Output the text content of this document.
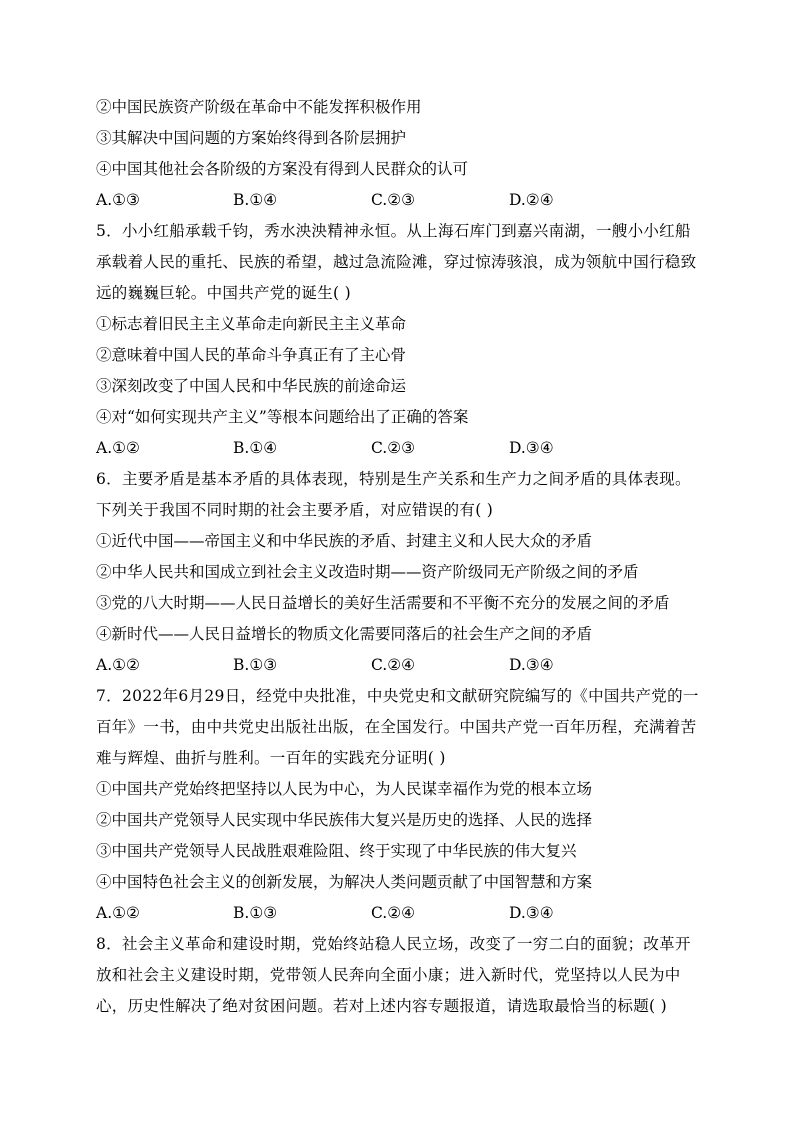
②中国民族资产阶级在革命中不能发挥积极作用
③其解决中国问题的方案始终得到各阶层拥护
④中国其他社会各阶级的方案没有得到人民群众的认可
A.①③	B.①④	C.②③	D.②④
5．小小红船承载千钧，秀水泱泱精神永恒。从上海石库门到嘉兴南湖，一艘小小红船承载着人民的重托、民族的希望，越过急流险滩，穿过惊涛骇浪，成为领航中国行稳致远的巍巍巨轮。中国共产党的诞生( )
①标志着旧民主主义革命走向新民主主义革命
②意味着中国人民的革命斗争真正有了主心骨
③深刻改变了中国人民和中华民族的前途命运
④对“如何实现共产主义”等根本问题给出了正确的答案
A.①②	B.①④	C.②③	D.③④
6．主要矛盾是基本矛盾的具体表现，特别是生产关系和生产力之间矛盾的具体表现。下列关于我国不同时期的社会主要矛盾，对应错误的有( )
①近代中国——帝国主义和中华民族的矛盾、封建主义和人民大众的矛盾
②中华人民共和国成立到社会主义改造时期——资产阶级同无产阶级之间的矛盾
③党的八大时期——人民日益增长的美好生活需要和不平衡不充分的发展之间的矛盾
④新时代——人民日益增长的物质文化需要同落后的社会生产之间的矛盾
A.①②	B.①③	C.②④	D.③④
7．2022年6月29日，经党中央批准，中央党史和文献研究院编写的《中国共产党的一百年》一书，由中共党史出版社出版，在全国发行。中国共产党一百年历程，充满着苦难与辉煌、曲折与胜利。一百年的实践充分证明( )
①中国共产党始终把坚持以人民为中心，为人民谋幸福作为党的根本立场
②中国共产党领导人民实现中华民族伟大复兴是历史的选择、人民的选择
③中国共产党领导人民战胜艰难险阻、终于实现了中华民族的伟大复兴
④中国特色社会主义的创新发展，为解决人类问题贡献了中国智慧和方案
A.①②	B.①③	C.②④	D.③④
8．社会主义革命和建设时期，党始终站稳人民立场，改变了一穷二白的面貌；改革开放和社会主义建设时期，党带领人民奔向全面小康；进入新时代，党坚持以人民为中心，历史性解决了绝对贫困问题。若对上述内容专题报道，请选取最恰当的标题( )
